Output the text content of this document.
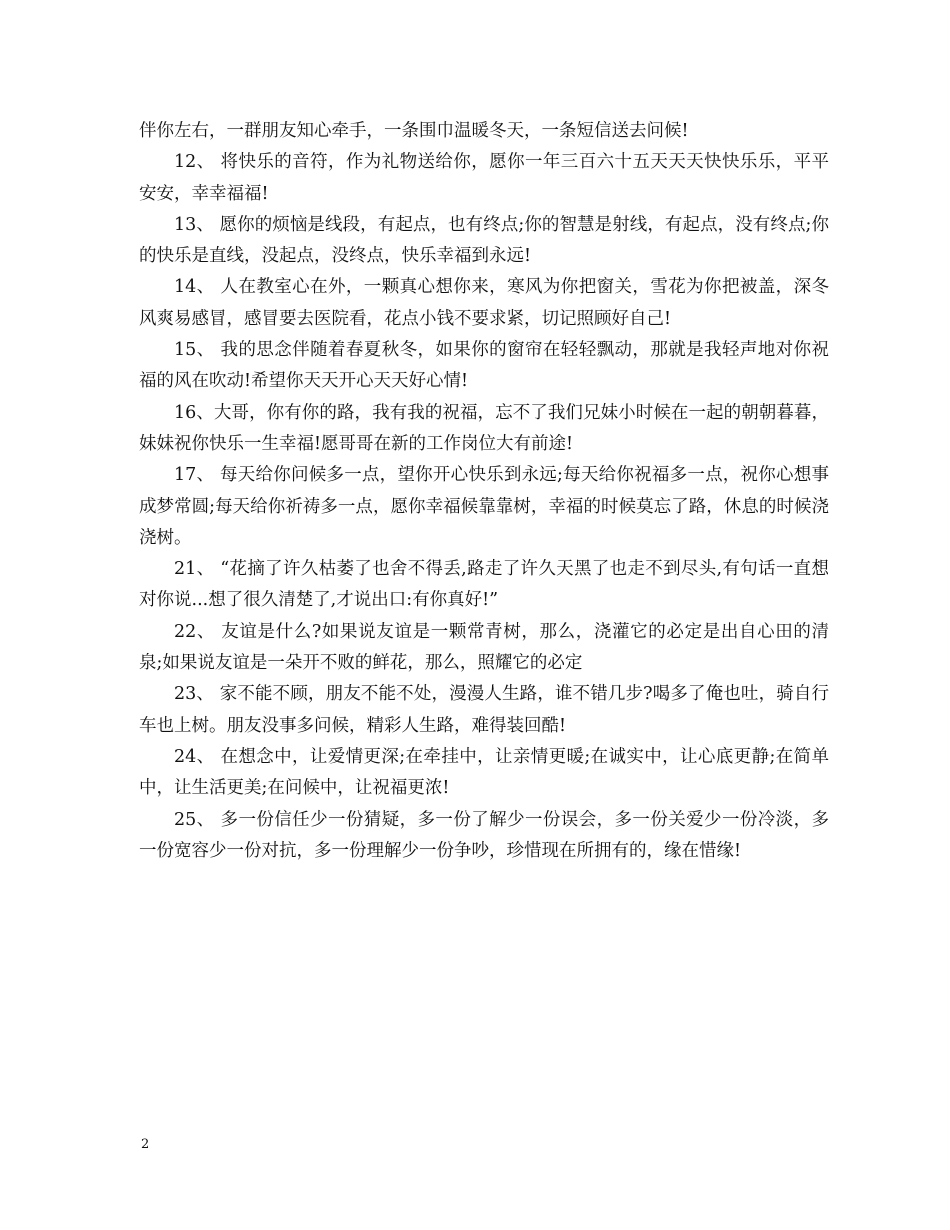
伴你左右，一群朋友知心牵手，一条围巾温暖冬天，一条短信送去问候!

12、 将快乐的音符，作为礼物送给你，愿你一年三百六十五天天天快快乐乐，平平安安，幸幸福福!

13、 愿你的烦恼是线段，有起点，也有终点;你的智慧是射线，有起点，没有终点;你的快乐是直线，没起点，没终点，快乐幸福到永远!

14、 人在教室心在外，一颗真心想你来，寒风为你把窗关，雪花为你把被盖，深冬风爽易感冒，感冒要去医院看，花点小钱不要求紧，切记照顾好自己!

15、 我的思念伴随着春夏秋冬，如果你的窗帘在轻轻飘动，那就是我轻声地对你祝福的风在吹动!希望你天天开心天天好心情!

16、大哥，你有你的路，我有我的祝福，忘不了我们兄妹小时候在一起的朝朝暮暮，妹妹祝你快乐一生幸福!愿哥哥在新的工作岗位大有前途!

17、 每天给你问候多一点，望你开心快乐到永远;每天给你祝福多一点，祝你心想事成梦常圆;每天给你祈祷多一点，愿你幸福候靠靠树，幸福的时候莫忘了路，休息的时候浇浇树。

21、 “花摘了许久枯萎了也舍不得丢,路走了许久天黑了也走不到尽头,有句话一直想对你说...想了很久清楚了,才说出口:有你真好!”

22、 友谊是什么?如果说友谊是一颗常青树，那么，浇灌它的必定是出自心田的清泉;如果说友谊是一朵开不败的鲜花，那么，照耀它的必定

23、 家不能不顾，朋友不能不处，漫漫人生路，谁不错几步?喝多了俺也吐，骑自行车也上树。朋友没事多问候，精彩人生路，难得装回酷!

24、 在想念中，让爱情更深;在牵挂中，让亲情更暖;在诚实中，让心底更静;在简单中，让生活更美;在问候中，让祝福更浓!

25、 多一份信任少一份猜疑，多一份了解少一份误会，多一份关爱少一份冷淡，多一份宽容少一份对抗，多一份理解少一份争吵，珍惜现在所拥有的，缘在惜缘!

2
